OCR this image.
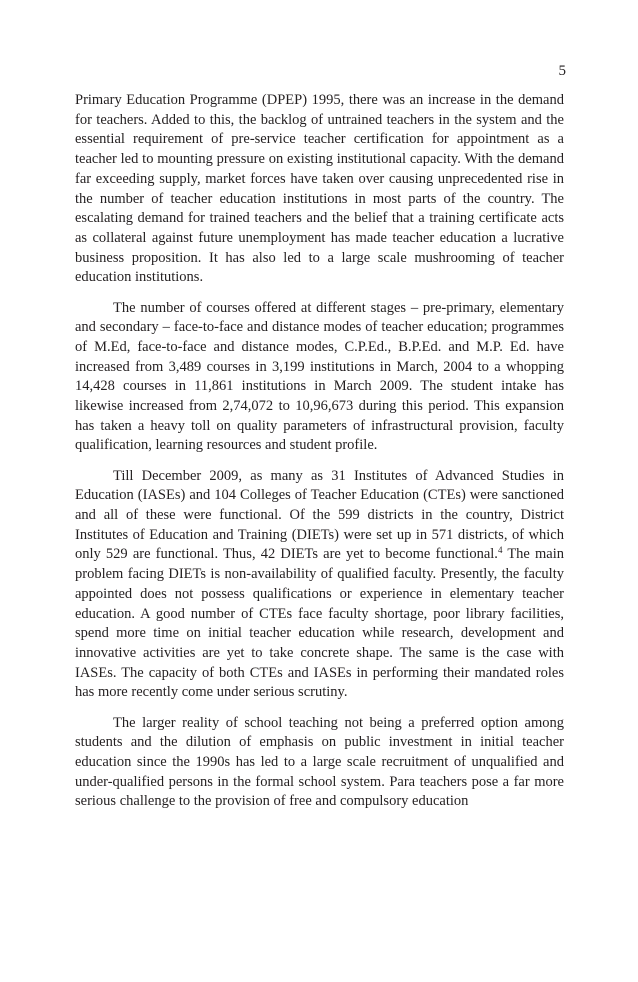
5

Primary Education Programme (DPEP) 1995, there was an increase in the demand for teachers. Added to this, the backlog of untrained teachers in the system and the essential requirement of pre-service teacher certification for appointment as a teacher led to mounting pressure on existing institutional capacity. With the demand far exceeding supply, market forces have taken over causing unprecedented rise in the number of teacher education institutions in most parts of the country. The escalating demand for trained teachers and the belief that a training certificate acts as collateral against future unemployment has made teacher education a lucrative business proposition. It has also led to a large scale mushrooming of teacher education institutions.

The number of courses offered at different stages – pre-primary, elementary and secondary – face-to-face and distance modes of teacher education; programmes of M.Ed, face-to-face and distance modes, C.P.Ed., B.P.Ed. and M.P. Ed. have increased from 3,489 courses in 3,199 institutions in March, 2004 to a whopping 14,428 courses in 11,861 institutions in March 2009. The student intake has likewise increased from 2,74,072 to 10,96,673 during this period. This expansion has taken a heavy toll on quality parameters of infrastructural provision, faculty qualification, learning resources and student profile.

Till December 2009, as many as 31 Institutes of Advanced Studies in Education (IASEs) and 104 Colleges of Teacher Education (CTEs) were sanctioned and all of these were functional. Of the 599 districts in the country, District Institutes of Education and Training (DIETs) were set up in 571 districts, of which only 529 are functional. Thus, 42 DIETs are yet to become functional.$^4$ The main problem facing DIETs is non-availability of qualified faculty. Presently, the faculty appointed does not possess qualifications or experience in elementary teacher education. A good number of CTEs face faculty shortage, poor library facilities, spend more time on initial teacher education while research, development and innovative activities are yet to take concrete shape. The same is the case with IASEs. The capacity of both CTEs and IASEs in performing their mandated roles has more recently come under serious scrutiny.

The larger reality of school teaching not being a preferred option among students and the dilution of emphasis on public investment in initial teacher education since the 1990s has led to a large scale recruitment of unqualified and under-qualified persons in the formal school system. Para teachers pose a far more serious challenge to the provision of free and compulsory education
